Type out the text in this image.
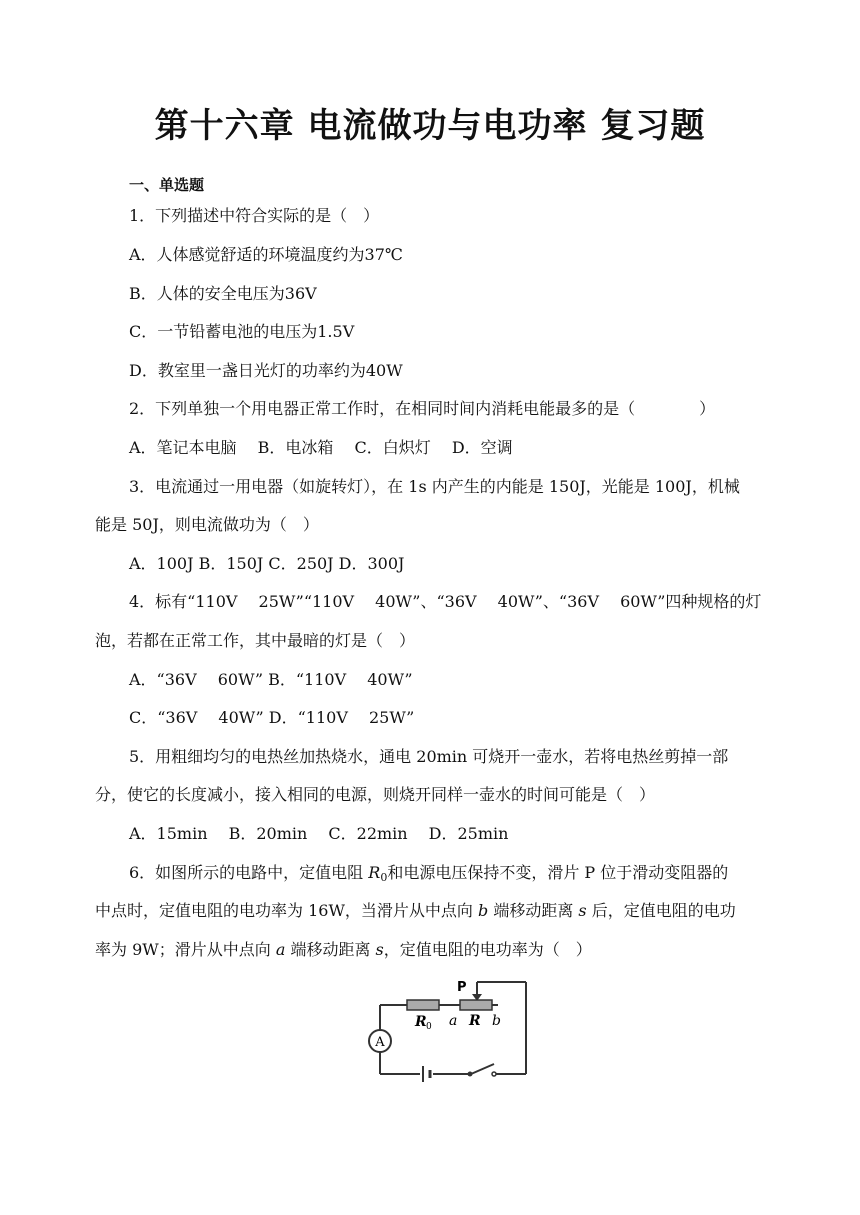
第十六章 电流做功与电功率 复习题
一、单选题
1．下列描述中符合实际的是（　）
A．人体感觉舒适的环境温度约为37℃
B．人体的安全电压为36V
C．一节铅蓄电池的电压为1.5V
D．教室里一盏日光灯的功率约为40W
2．下列单独一个用电器正常工作时，在相同时间内消耗电能最多的是（　　　　）
A．笔记本电脑　 B．电冰箱　 C．白炽灯　 D．空调
3．电流通过一用电器（如旋转灯），在 1s 内产生的内能是 150J，光能是 100J，机械
能是 50J，则电流做功为（　）
A．100J B．150J C．250J D．300J
4．标有“110V　 25W”“110V　 40W”、“36V　 40W”、“36V　 60W”四种规格的灯
泡，若都在正常工作，其中最暗的灯是（　）
A．“36V　 60W” B．“110V　 40W”
C．“36V　 40W” D．“110V　 25W”
5．用粗细均匀的电热丝加热烧水，通电 20min 可烧开一壶水，若将电热丝剪掉一部
分，使它的长度减小，接入相同的电源，则烧开同样一壶水的时间可能是（　）
A．15min　 B．20min　 C．22min　 D．25min
6．如图所示的电路中，定值电阻 $R_0$和电源电压保持不变，滑片 P 位于滑动变阻器的
中点时，定值电阻的电功率为 16W，当滑片从中点向 b 端移动距离 s 后，定值电阻的电功
率为 9W；滑片从中点向 a 端移动距离 s，定值电阻的电功率为（　）
A
P
R 0 a R b
